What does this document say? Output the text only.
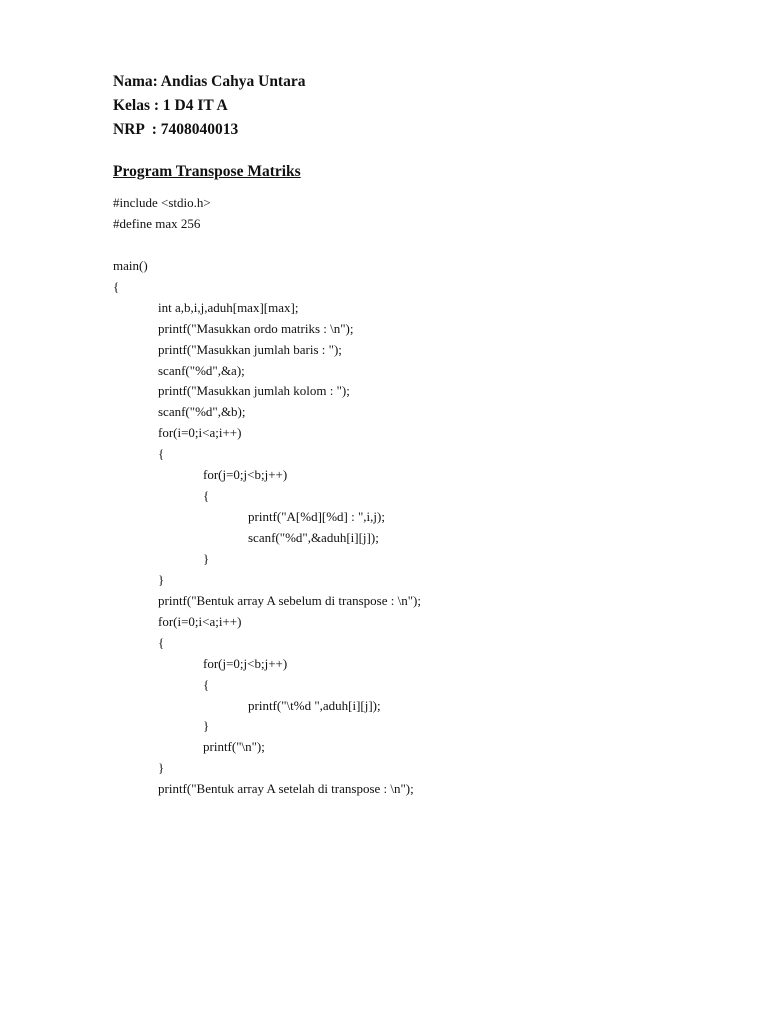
Nama: Andias Cahya Untara
Kelas : 1 D4 IT A
NRP  : 7408040013
Program Transpose Matriks
#include <stdio.h>
#define max 256
main()
{
int a,b,i,j,aduh[max][max];
printf("Masukkan ordo matriks : \n");
printf("Masukkan jumlah baris : ");
scanf("%d",&a);
printf("Masukkan jumlah kolom : ");
scanf("%d",&b);
for(i=0;i<a;i++)
{
for(j=0;j<b;j++)
{
printf("A[%d][%d] : ",i,j);
scanf("%d",&aduh[i][j]);
}
}
printf("Bentuk array A sebelum di transpose : \n");
for(i=0;i<a;i++)
{
for(j=0;j<b;j++)
{
printf("\t%d ",aduh[i][j]);
}
printf("\n");
}
printf("Bentuk array A setelah di transpose : \n");
